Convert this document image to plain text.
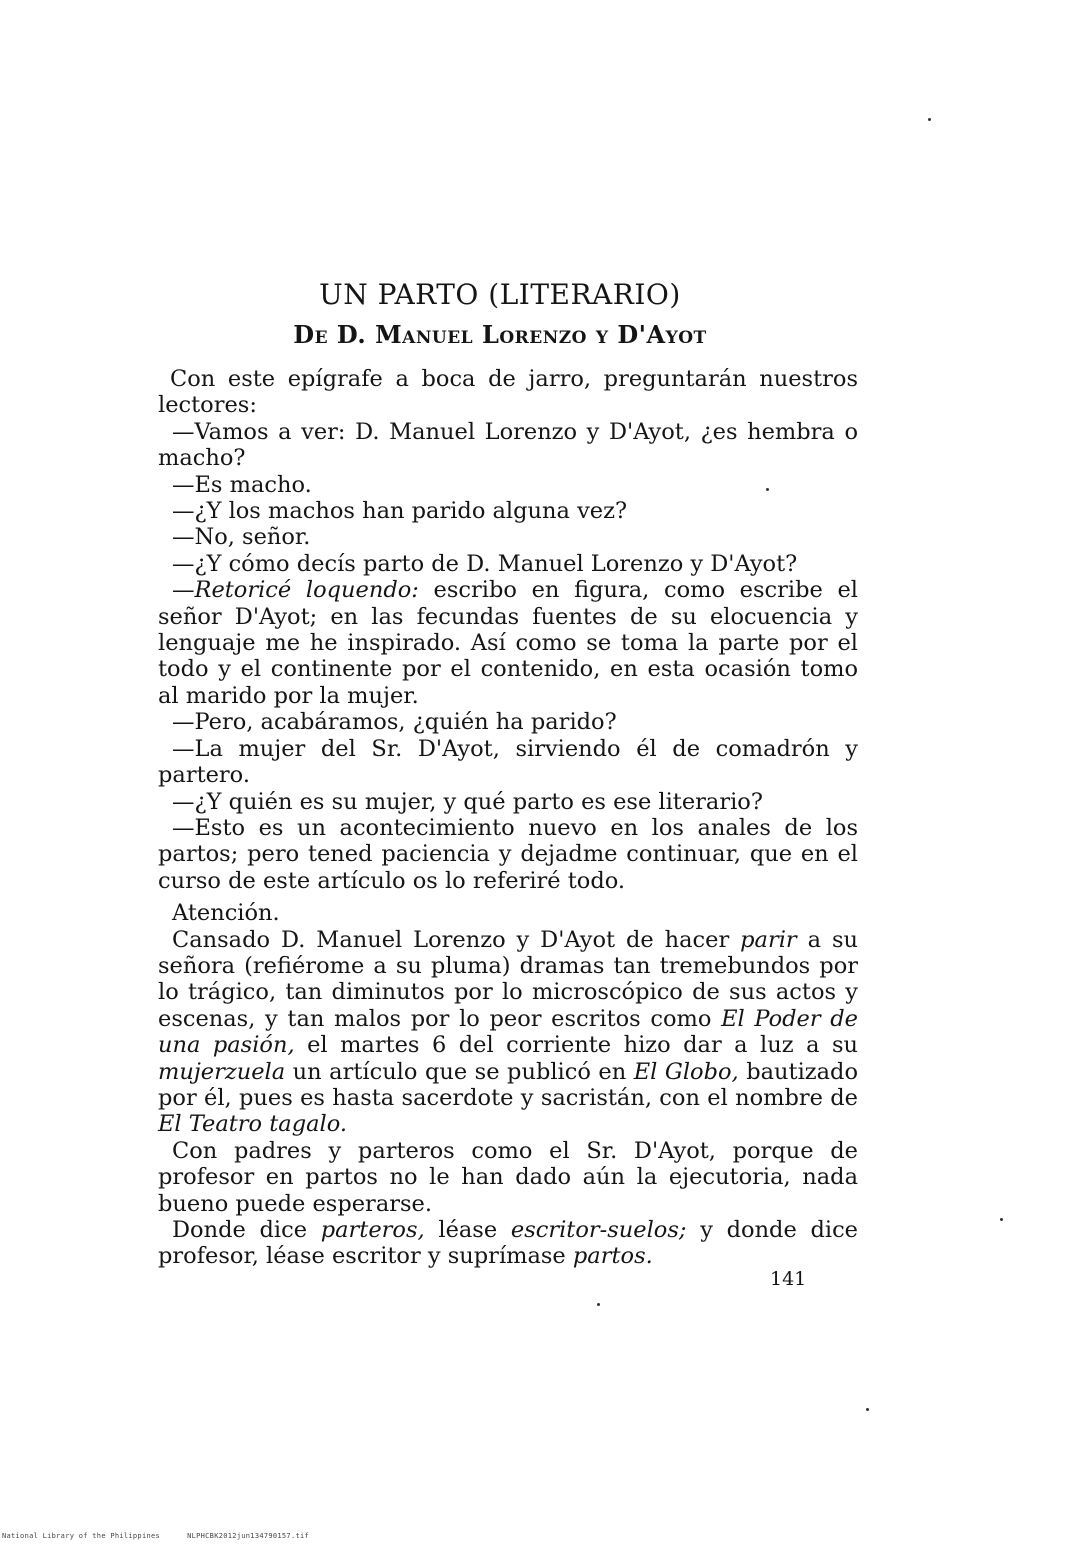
UN PARTO (LITERARIO)
De D. Manuel Lorenzo y D'Ayot

Con este epígrafe a boca de jarro, preguntarán nuestros lectores:

—Vamos a ver: D. Manuel Lorenzo y D'Ayot, ¿es hembra o macho?

—Es macho.

—¿Y los machos han parido alguna vez?

—No, señor.

—¿Y cómo decís parto de D. Manuel Lorenzo y D'Ayot?

—Retoricé loquendo: escribo en figura, como escribe el señor D'Ayot; en las fecundas fuentes de su elocuencia y lenguaje me he inspirado. Así como se toma la parte por el todo y el continente por el contenido, en esta ocasión tomo al marido por la mujer.

—Pero, acabáramos, ¿quién ha parido?

—La mujer del Sr. D'Ayot, sirviendo él de comadrón y partero.

—¿Y quién es su mujer, y qué parto es ese literario?

—Esto es un acontecimiento nuevo en los anales de los partos; pero tened paciencia y dejadme continuar, que en el curso de este artículo os lo referiré todo.

Atención.

Cansado D. Manuel Lorenzo y D'Ayot de hacer parir a su señora (refiérome a su pluma) dramas tan tremebundos por lo trágico, tan diminutos por lo microscópico de sus actos y escenas, y tan malos por lo peor escritos como El Poder de una pasión, el martes 6 del corriente hizo dar a luz a su mujerzuela un artículo que se publicó en El Globo, bautizado por él, pues es hasta sacerdote y sacristán, con el nombre de El Teatro tagalo.

Con padres y parteros como el Sr. D'Ayot, porque de profesor en partos no le han dado aún la ejecutoria, nada bueno puede esperarse.

Donde dice parteros, léase escritor-suelos; y donde dice profesor, léase escritor y suprímase partos.

141
National Library of the Philippines	NLPHCBK2012jun134790157.tif
